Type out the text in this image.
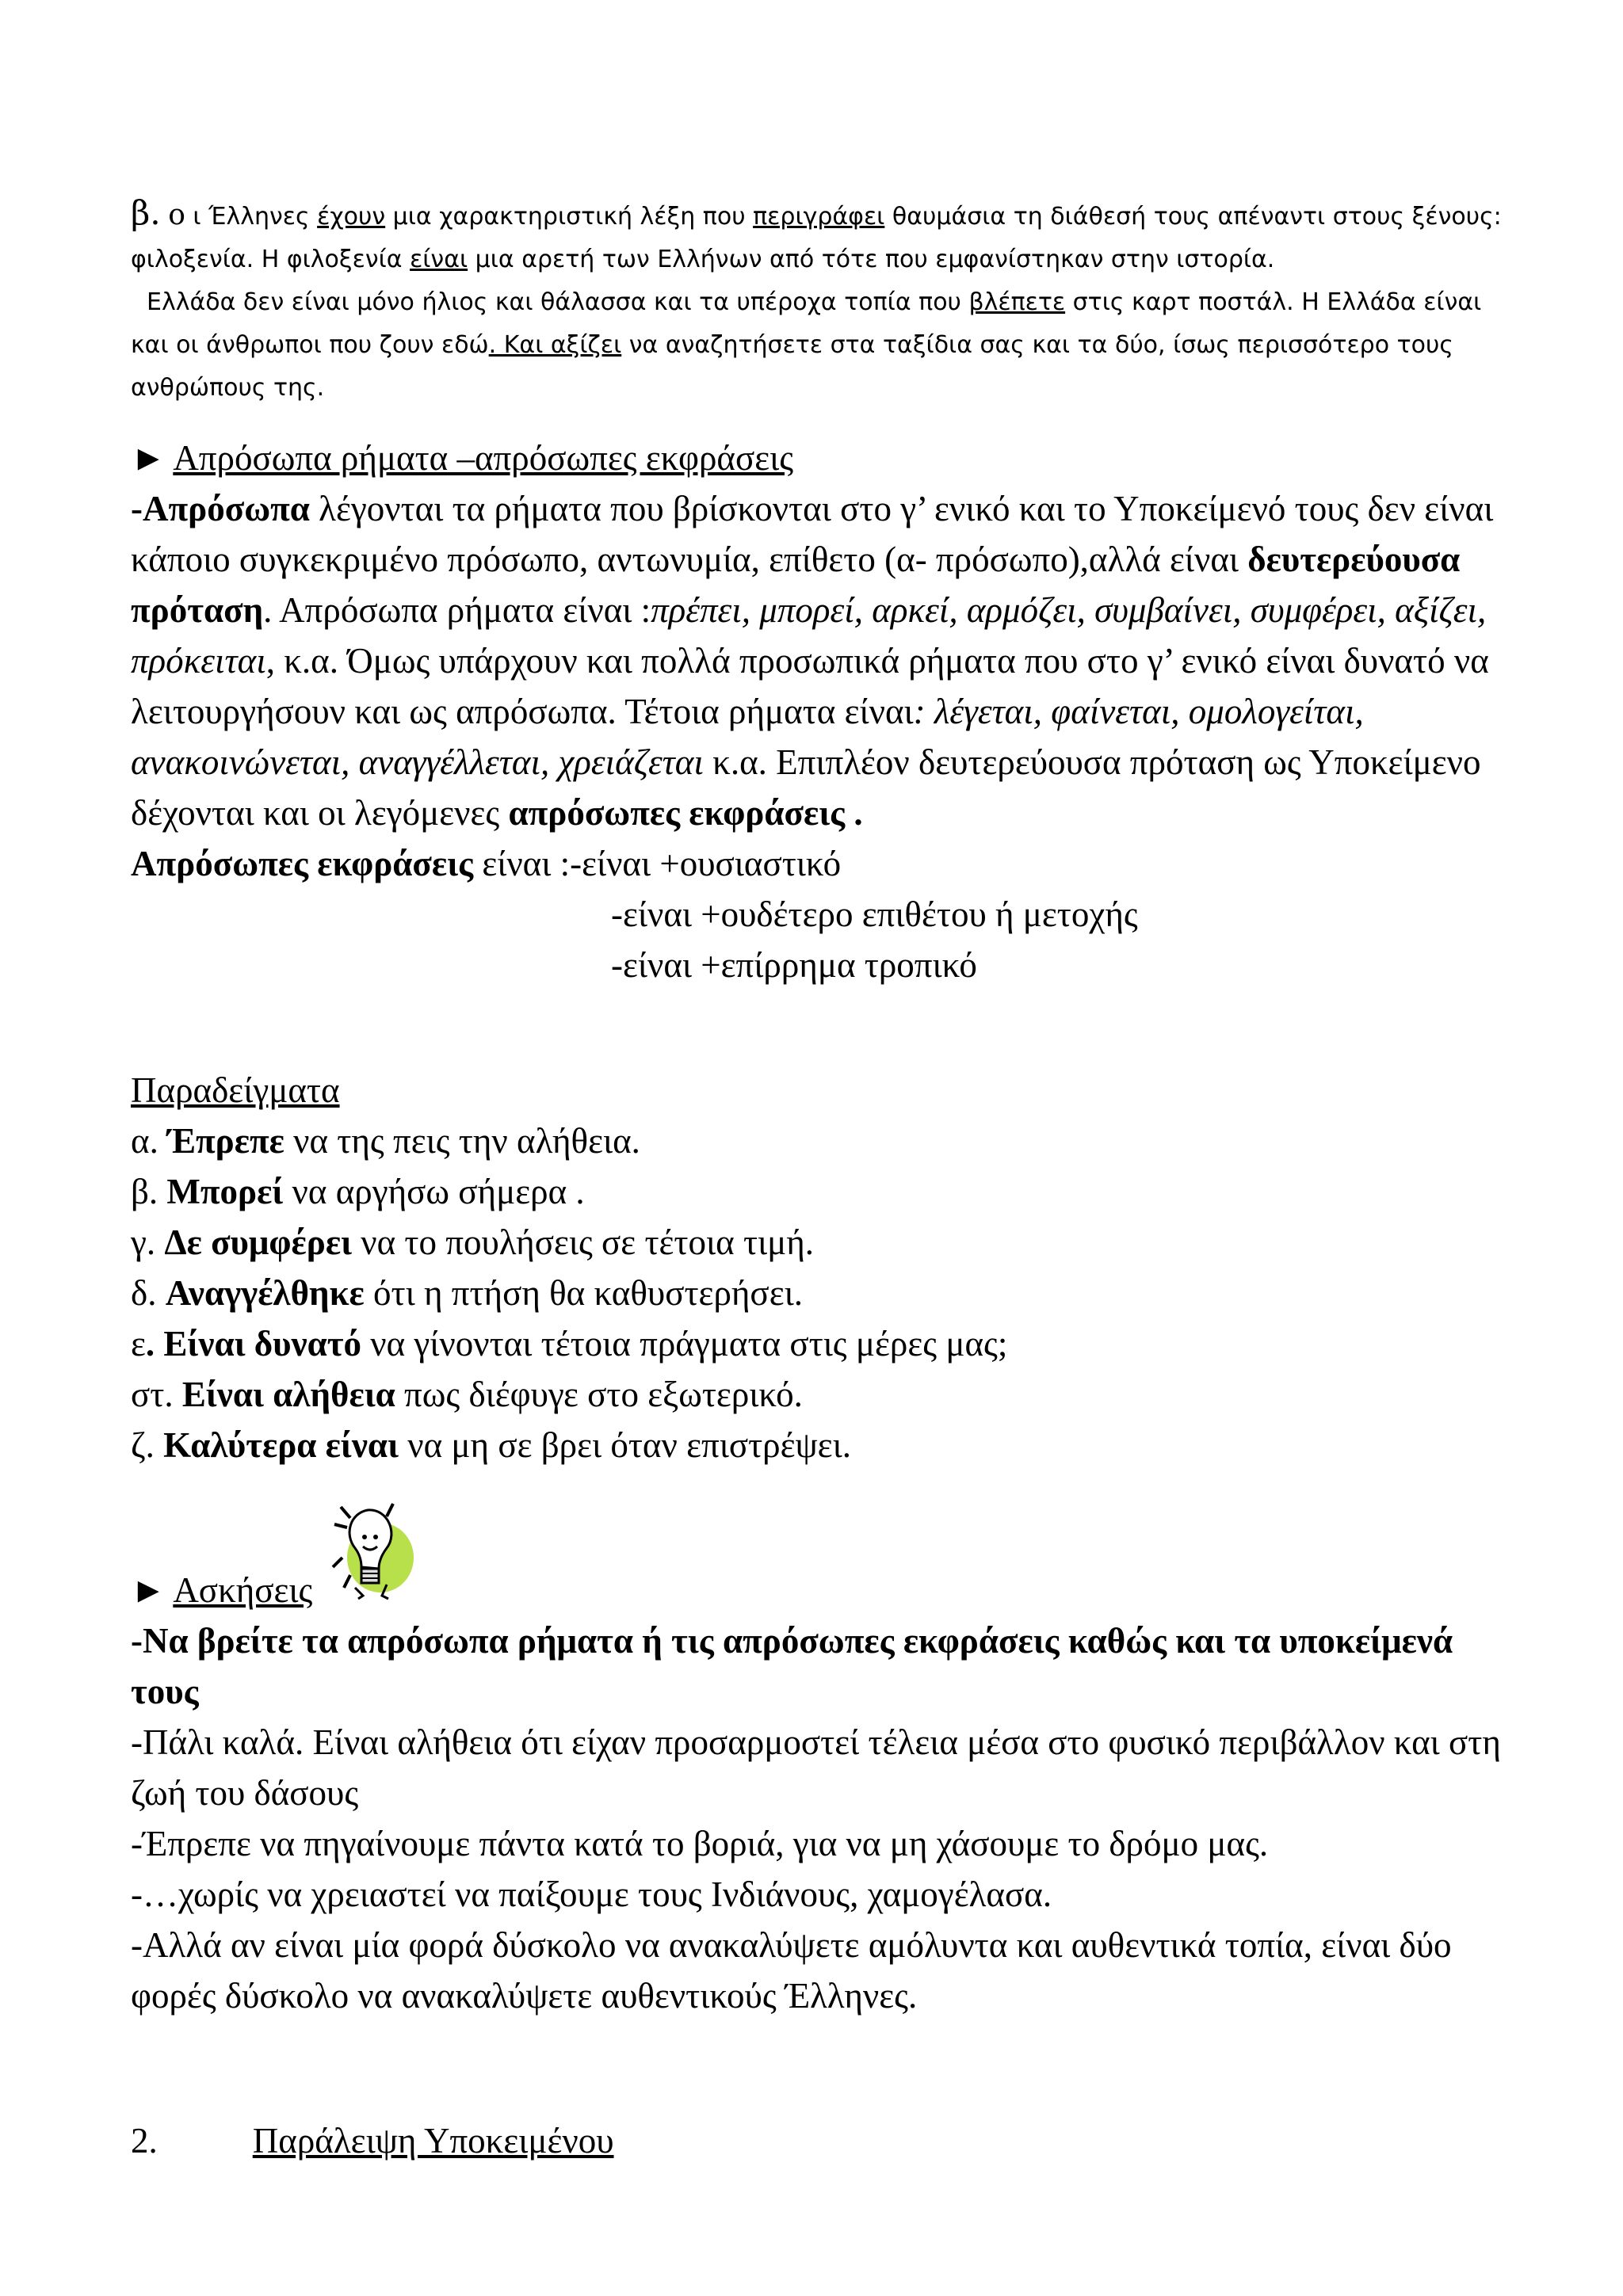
β. ο ι Έλληνες έχουν μια χαρακτηριστική λέξη που περιγράφει θαυμάσια τη διάθεσή τους απέναντι στους ξένους: φιλοξενία. Η φιλοξενία είναι μια αρετή των Ελλήνων από τότε που εμφανίστηκαν στην ιστορία.

Ελλάδα δεν είναι μόνο ήλιος και θάλασσα και τα υπέροχα τοπία που βλέπετε στις καρτ ποστάλ. Η Ελλάδα είναι και οι άνθρωποι που ζουν εδώ. Και αξίζει να αναζητήσετε στα ταξίδια σας και τα δύο, ίσως περισσότερο τους ανθρώπους της.

► Απρόσωπα ρήματα –απρόσωπες εκφράσεις

-Απρόσωπα λέγονται τα ρήματα που βρίσκονται στο γ’ ενικό και το Υποκείμενό τους δεν είναι κάποιο συγκεκριμένο πρόσωπο, αντωνυμία, επίθετο (α- πρόσωπο),αλλά είναι δευτερεύουσα πρόταση. Απρόσωπα ρήματα είναι :πρέπει, μπορεί, αρκεί, αρμόζει, συμβαίνει, συμφέρει, αξίζει, πρόκειται, κ.α. Όμως υπάρχουν και πολλά προσωπικά ρήματα που στο γ’ ενικό είναι δυνατό να λειτουργήσουν και ως απρόσωπα. Τέτοια ρήματα είναι: λέγεται, φαίνεται, ομολογείται, ανακοινώνεται, αναγγέλλεται, χρειάζεται κ.α. Επιπλέον δευτερεύουσα πρόταση ως Υποκείμενο δέχονται και οι λεγόμενες απρόσωπες εκφράσεις .

Απρόσωπες εκφράσεις είναι :-είναι +ουσιαστικό

-είναι +ουδέτερο επιθέτου ή μετοχής

-είναι +επίρρημα τροπικό

Παραδείγματα

α. Έπρεπε να της πεις την αλήθεια.

β. Μπορεί να αργήσω σήμερα .

γ. Δε συμφέρει να το πουλήσεις σε τέτοια τιμή.

δ. Αναγγέλθηκε ότι η πτήση θα καθυστερήσει.

ε. Είναι δυνατό να γίνονται τέτοια πράγματα στις μέρες μας;

στ. Είναι αλήθεια πως διέφυγε στο εξωτερικό.

ζ. Καλύτερα είναι να μη σε βρει όταν επιστρέψει.

► Ασκήσεις

-Να βρείτε τα απρόσωπα ρήματα ή τις απρόσωπες εκφράσεις καθώς και τα υποκείμενά τους

-Πάλι καλά. Είναι αλήθεια ότι είχαν προσαρμοστεί τέλεια μέσα στο φυσικό περιβάλλον και στη ζωή του δάσους

-Έπρεπε να πηγαίνουμε πάντα κατά το βοριά, για να μη χάσουμε το δρόμο μας.

-…χωρίς να χρειαστεί να παίξουμε τους Ινδιάνους, χαμογέλασα.

-Αλλά αν είναι μία φορά δύσκολο να ανακαλύψετε αμόλυντα και αυθεντικά τοπία, είναι δύο φορές δύσκολο να ανακαλύψετε αυθεντικούς Έλληνες.

2.	Παράλειψη Υποκειμένου
